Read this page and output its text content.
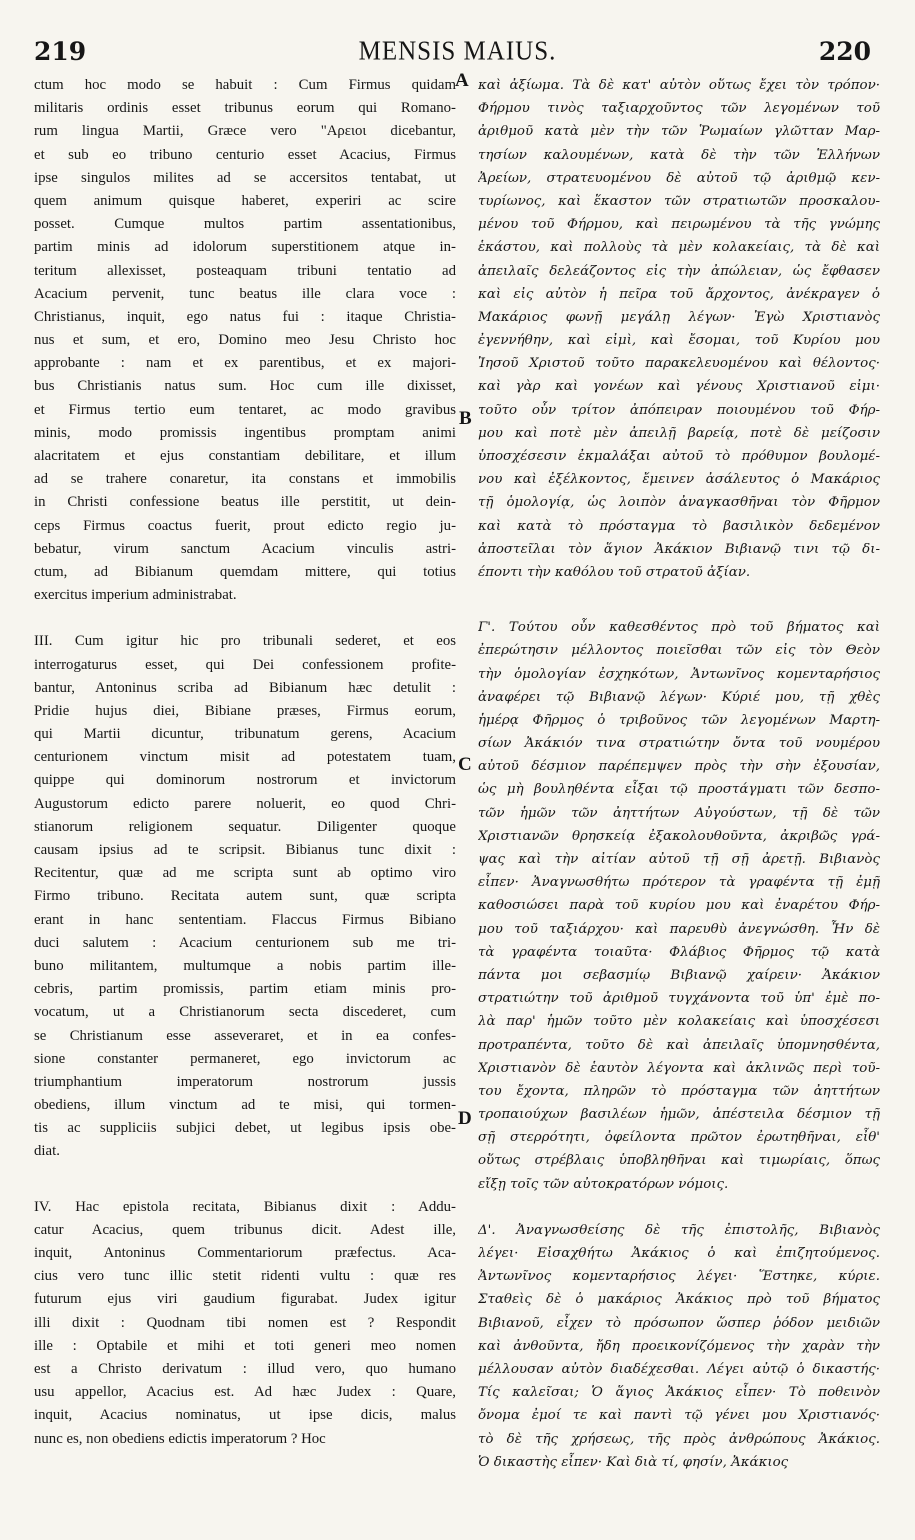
219	MENSIS MAIUS.	220
ctum hoc modo se habuit : Cum Firmus quidam
militaris ordinis esset tribunus eorum qui Romano-
rum lingua Martii, Græce vero "Αρειοι dicebantur,
et sub eo tribuno centurio esset Acacius, Firmus
ipse singulos milites ad se accersitos tentabat, ut
quem animum quisque haberet, experiri ac scire
posset. Cumque multos partim assentationibus,
partim minis ad idolorum superstitionem atque in-
teritum allexisset, posteaquam tribuni tentatio ad
Acacium pervenit, tunc beatus ille clara voce :
Christianus, inquit, ego natus fui : itaque Christia-
nus et sum, et ero, Domino meo Jesu Christo hoc
approbante : nam et ex parentibus, et ex majori-
bus Christianis natus sum. Hoc cum ille dixisset,
et Firmus tertio eum tentaret, ac modo gravibus
minis, modo promissis ingentibus promptam animi
alacritatem et ejus constantiam debilitare, et illum
ad se trahere conaretur, ita constans et immobilis
in Christi confessione beatus ille perstitit, ut dein-
ceps Firmus coactus fuerit, prout edicto regio ju-
bebatur, virum sanctum Acacium vinculis astri-
ctum, ad Bibianum quemdam mittere, qui totius
exercitus imperium administrabat.
III. Cum igitur hic pro tribunali sederet, et eos
interrogaturus esset, qui Dei confessionem profite-
bantur, Antoninus scriba ad Bibianum hæc detulit :
Pridie hujus diei, Bibiane præses, Firmus eorum,
qui Martii dicuntur, tribunatum gerens, Acacium
centurionem vinctum misit ad potestatem tuam,
quippe qui dominorum nostrorum et invictorum
Augustorum edicto parere noluerit, eo quod Chri-
stianorum religionem sequatur. Diligenter quoque
causam ipsius ad te scripsit. Bibianus tunc dixit :
Recitentur, quæ ad me scripta sunt ab optimo viro
Firmo tribuno. Recitata autem sunt, quæ scripta
erant in hanc sententiam. Flaccus Firmus Bibiano
duci salutem : Acacium centurionem sub me tri-
buno militantem, multumque a nobis partim ille-
cebris, partim promissis, partim etiam minis pro-
vocatum, ut a Christianorum secta discederet, cum
se Christianum esse asseveraret, et in ea confes-
sione constanter permaneret, ego invictorum ac
triumphantium imperatorum nostrorum jussis
obediens, illum vinctum ad te misi, qui tormen-
tis ac suppliciis subjici debet, ut legibus ipsis obe-
diat.
IV. Hac epistola recitata, Bibianus dixit : Addu-
catur Acacius, quem tribunus dicit. Adest ille,
inquit, Antoninus Commentariorum præfectus. Aca-
cius vero tunc illic stetit ridenti vultu : quæ res
futurum ejus viri gaudium figurabat. Judex igitur
illi dixit : Quodnam tibi nomen est ? Respondit
ille : Optabile et mihi et toti generi meo nomen
est a Christo derivatum : illud vero, quo humano
usu appellor, Acacius est. Ad hæc Judex : Quare,
inquit, Acacius nominatus, ut ipse dicis, malus
nunc es, non obediens edictis imperatorum ? Hoc
καὶ ἀξίωμα. Τὰ δὲ κατ' αὐτὸν οὕτως ἔχει τὸν τρόπον·
Φήρμου τινὸς ταξιαρχοῦντος τῶν λεγομένων τοῦ
ἀριθμοῦ κατὰ μὲν τὴν τῶν Ῥωμαίων γλῶτταν Μαρ-
τησίων καλουμένων, κατὰ δὲ τὴν τῶν Ἑλλήνων
Ἀρείων, στρατευομένου δὲ αὐτοῦ τῷ ἀριθμῷ κεν-
τυρίωνος, καὶ ἕκαστον τῶν στρατιωτῶν προσκαλου-
μένου τοῦ Φήρμου, καὶ πειρωμένου τὰ τῆς γνώμης
ἑκάστου, καὶ πολλοὺς τὰ μὲν κολακείαις, τὰ δὲ καὶ
ἀπειλαῖς δελεάζοντος εἰς τὴν ἀπώλειαν, ὡς ἔφθασεν
καὶ εἰς αὐτὸν ἡ πεῖρα τοῦ ἄρχοντος, ἀνέκραγεν ὁ
Μακάριος φωνῇ μεγάλῃ λέγων· Ἐγὼ Χριστιανὸς
ἐγεννήθην, καὶ εἰμὶ, καὶ ἔσομαι, τοῦ Κυρίου μου
Ἰησοῦ Χριστοῦ τοῦτο παρακελευομένου καὶ θέλοντος·
καὶ γὰρ καὶ γονέων καὶ γένους Χριστιανοῦ εἰμι·
τοῦτο οὖν τρίτον ἀπόπειραν ποιουμένου τοῦ Φήρ-
μου καὶ ποτὲ μὲν ἀπειλῇ βαρείᾳ, ποτὲ δὲ μείζοσιν
ὑποσχέσεσιν ἐκμαλάξαι αὐτοῦ τὸ πρόθυμον βουλομέ-
νου καὶ ἐξέλκοντος, ἔμεινεν ἀσάλευτος ὁ Μακάριος
τῇ ὁμολογίᾳ, ὡς λοιπὸν ἀναγκασθῆναι τὸν Φῆρμον
καὶ κατὰ τὸ πρόσταγμα τὸ βασιλικὸν δεδεμένον
ἀποστεῖλαι τὸν ἅγιον Ἀκάκιον Βιβιανῷ τινι τῷ δι-
έποντι τὴν καθόλου τοῦ στρατοῦ ἀξίαν.
Γ'. Τούτου οὖν καθεσθέντος πρὸ τοῦ βήματος καὶ
ἐπερώτησιν μέλλοντος ποιεῖσθαι τῶν εἰς τὸν Θεὸν
τὴν ὁμολογίαν ἐσχηκότων, Ἀντωνῖνος κομενταρήσιος
ἀναφέρει τῷ Βιβιανῷ λέγων· Κύριέ μου, τῇ χθὲς
ἡμέρᾳ Φῆρμος ὁ τριβοῦνος τῶν λεγομένων Μαρτη-
σίων Ἀκάκιόν τινα στρατιώτην ὄντα τοῦ νουμέρου
αὐτοῦ δέσμιον παρέπεμψεν πρὸς τὴν σὴν ἐξουσίαν,
ὡς μὴ βουληθέντα εἶξαι τῷ προστάγματι τῶν δεσπο-
τῶν ἡμῶν τῶν ἀηττήτων Αὐγούστων, τῇ δὲ τῶν
Χριστιανῶν θρησκείᾳ ἐξακολουθοῦντα, ἀκριβῶς γρά-
ψας καὶ τὴν αἰτίαν αὐτοῦ τῇ σῇ ἀρετῇ. Βιβιανὸς
εἶπεν· Ἀναγνωσθήτω πρότερον τὰ γραφέντα τῇ ἐμῇ
καθοσιώσει παρὰ τοῦ κυρίου μου καὶ ἐναρέτου Φήρ-
μου τοῦ ταξιάρχου· καὶ παρευθὺ ἀνεγνώσθη. Ἦν δὲ
τὰ γραφέντα τοιαῦτα· Φλάβιος Φῆρμος τῷ κατὰ
πάντα μοι σεβασμίῳ Βιβιανῷ χαίρειν· Ἀκάκιον
στρατιώτην τοῦ ἀριθμοῦ τυγχάνοντα τοῦ ὑπ' ἐμὲ πο-
λὰ παρ' ἡμῶν τοῦτο μὲν κολακείαις καὶ ὑποσχέσεσι
προτραπέντα, τοῦτο δὲ καὶ ἀπειλαῖς ὑπομνησθέντα,
Χριστιανὸν δὲ ἑαυτὸν λέγοντα καὶ ἀκλινῶς περὶ τοῦ-
του ἔχοντα, πληρῶν τὸ πρόσταγμα τῶν ἀηττήτων
τροπαιούχων βασιλέων ἡμῶν, ἀπέστειλα δέσμιον τῇ
σῇ στερρότητι, ὀφείλοντα πρῶτον ἐρωτηθῆναι, εἶθ'
οὕτως στρέβλαις ὑποβληθῆναι καὶ τιμωρίαις, ὅπως
εἴξῃ τοῖς τῶν αὐτοκρατόρων νόμοις.
Δ'. Ἀναγνωσθείσης δὲ τῆς ἐπιστολῆς, Βιβιανὸς
λέγει· Εἰσαχθήτω Ἀκάκιος ὁ καὶ ἐπιζητούμενος.
Ἀντωνῖνος κομενταρήσιος λέγει· Ἕστηκε, κύριε.
Σταθεὶς δὲ ὁ μακάριος Ἀκάκιος πρὸ τοῦ βήματος
Βιβιανοῦ, εἶχεν τὸ πρόσωπον ὥσπερ ῥόδον μειδιῶν
καὶ ἀνθοῦντα, ἤδη προεικονίζόμενος τὴν χαρὰν τὴν
μέλλουσαν αὐτὸν διαδέχεσθαι. Λέγει αὐτῷ ὁ δικαστής·
Τίς καλεῖσαι; Ὁ ἅγιος Ἀκάκιος εἶπεν· Τὸ ποθεινὸν
ὄνομα ἐμοί τε καὶ παντὶ τῷ γένει μου Χριστιανός·
τὸ δὲ τῆς χρήσεως, τῆς πρὸς ἀνθρώπους Ἀκάκιος.
Ὁ δικαστὴς εἶπεν· Καὶ διὰ τί, φησίν, Ἀκάκιος
A
B
C
D
